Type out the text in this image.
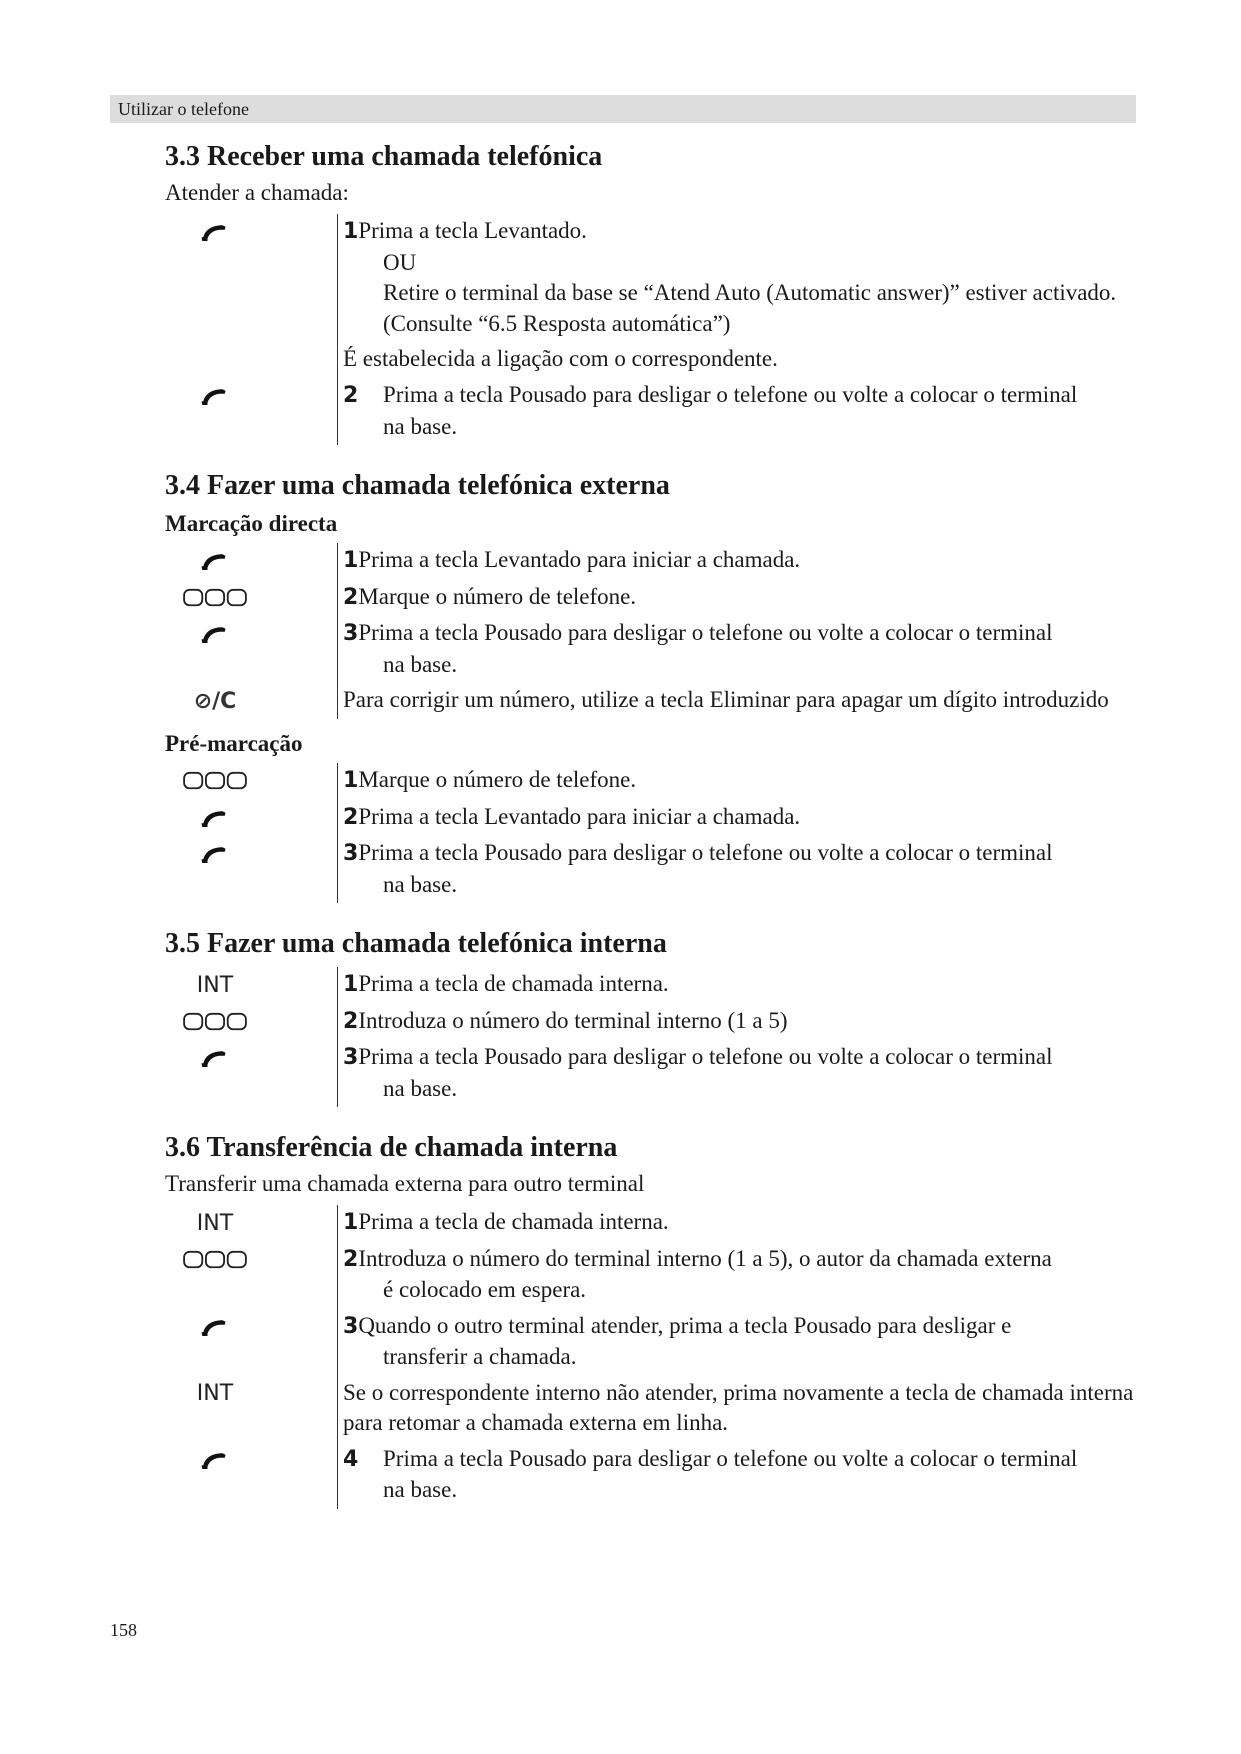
Utilizar o telefone
3.3 Receber uma chamada telefónica
Atender a chamada:
1Prima a tecla Levantado.
OU
Retire o terminal da base se “Atend Auto (Automatic answer)” estiver activado.
(Consulte “6.5 Resposta automática”)
É estabelecida a ligação com o correspondente.
2 Prima a tecla Pousado para desligar o telefone ou volte a colocar o terminal
na base.
3.4 Fazer uma chamada telefónica externa
Marcação directa
1Prima a tecla Levantado para iniciar a chamada.
2Marque o número de telefone.
3Prima a tecla Pousado para desligar o telefone ou volte a colocar o terminal
na base.
⊘/C	Para corrigir um número, utilize a tecla Eliminar para apagar um dígito introduzido
Pré-marcação
1Marque o número de telefone.
2Prima a tecla Levantado para iniciar a chamada.
3Prima a tecla Pousado para desligar o telefone ou volte a colocar o terminal
na base.
3.5 Fazer uma chamada telefónica interna
INT	1Prima a tecla de chamada interna.
2Introduza o número do terminal interno (1 a 5)
3Prima a tecla Pousado para desligar o telefone ou volte a colocar o terminal
na base.
3.6 Transferência de chamada interna
Transferir uma chamada externa para outro terminal
INT	1Prima a tecla de chamada interna.
2Introduza o número do terminal interno (1 a 5), o autor da chamada externa
é colocado em espera.
3Quando o outro terminal atender, prima a tecla Pousado para desligar e
transferir a chamada.
INT	Se o correspondente interno não atender, prima novamente a tecla de chamada interna para retomar a chamada externa em linha.
4 Prima a tecla Pousado para desligar o telefone ou volte a colocar o terminal
na base.
158
